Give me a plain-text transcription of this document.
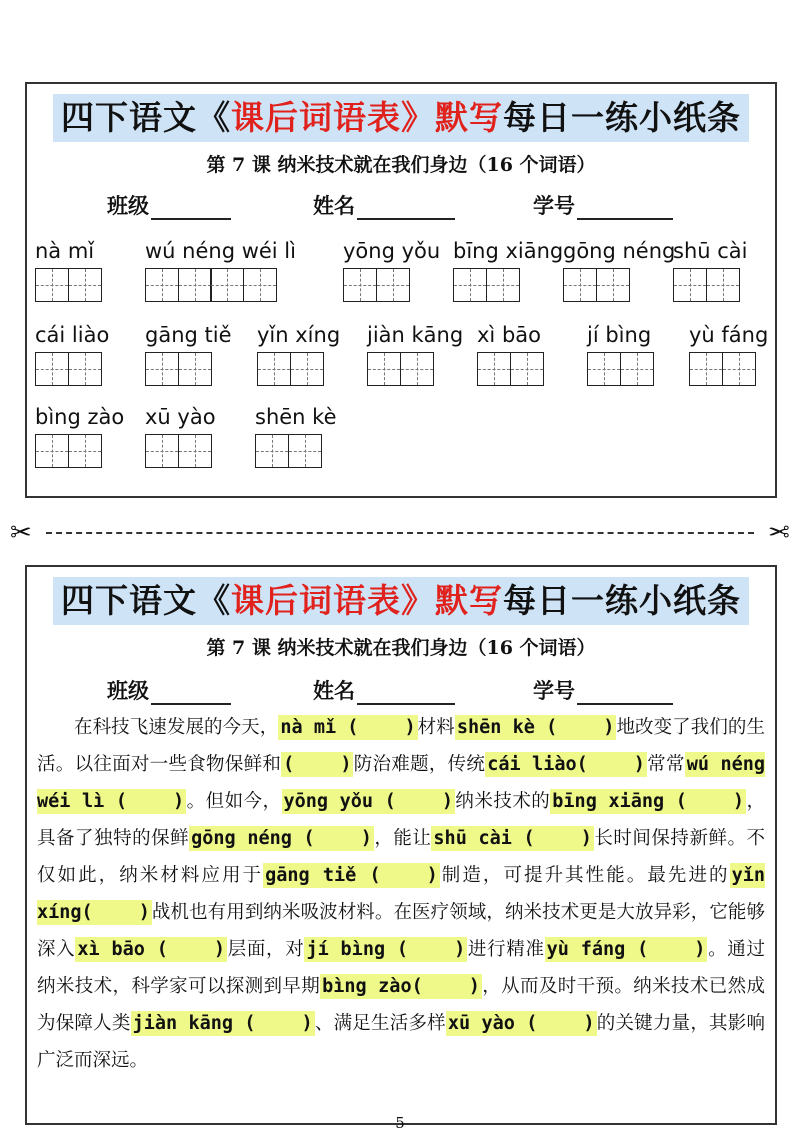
四下语文《课后词语表》默写每日一练小纸条
第 7 课 纳米技术就在我们身边（16 个词语）
班级	姓名	学号
nà mǐ wú néng wéi lì yōng yǒu bīng xiāng gōng néng
shū cài
cái liào gāng tiě yǐn xíng jiàn kāng xì bāo jí bìng yù fáng
bìng zào xū yào shēn kè
✂	✂
四下语文《课后词语表》默写每日一练小纸条
第 7 课 纳米技术就在我们身边（16 个词语）
班级	姓名	学号
在科技飞速发展的今天， nà mǐ ( ) 材料 shēn kè ( ) 地改变了我们的生活。以往面对一些食物保鲜和 ( ) 防治难题，传统 cái liào( ) 常常 wú néng wéi lì ( ) 。但如今， yōng yǒu ( ) 纳米技术的 bīng xiāng ( ) ，具备了独特的保鲜 gōng néng ( ) ，能让 shū cài ( ) 长时间保持新鲜。不仅如此，纳米材料应用于 gāng tiě ( ) 制造，可提升其性能。最先进的 yǐn xíng( ) 战机也有用到纳米吸波材料。在医疗领域，纳米技术更是大放异彩，它能够深入 xì bāo ( ) 层面，对 jí bìng ( ) 进行精准 yù fáng ( ) 。通过纳米技术，科学家可以探测到早期 bìng zào( ) ，从而及时干预。纳米技术已然成为保障人类 jiàn kāng ( ) 、满足生活多样 xū yào ( ) 的关键力量，其影响广泛而深远。
5
